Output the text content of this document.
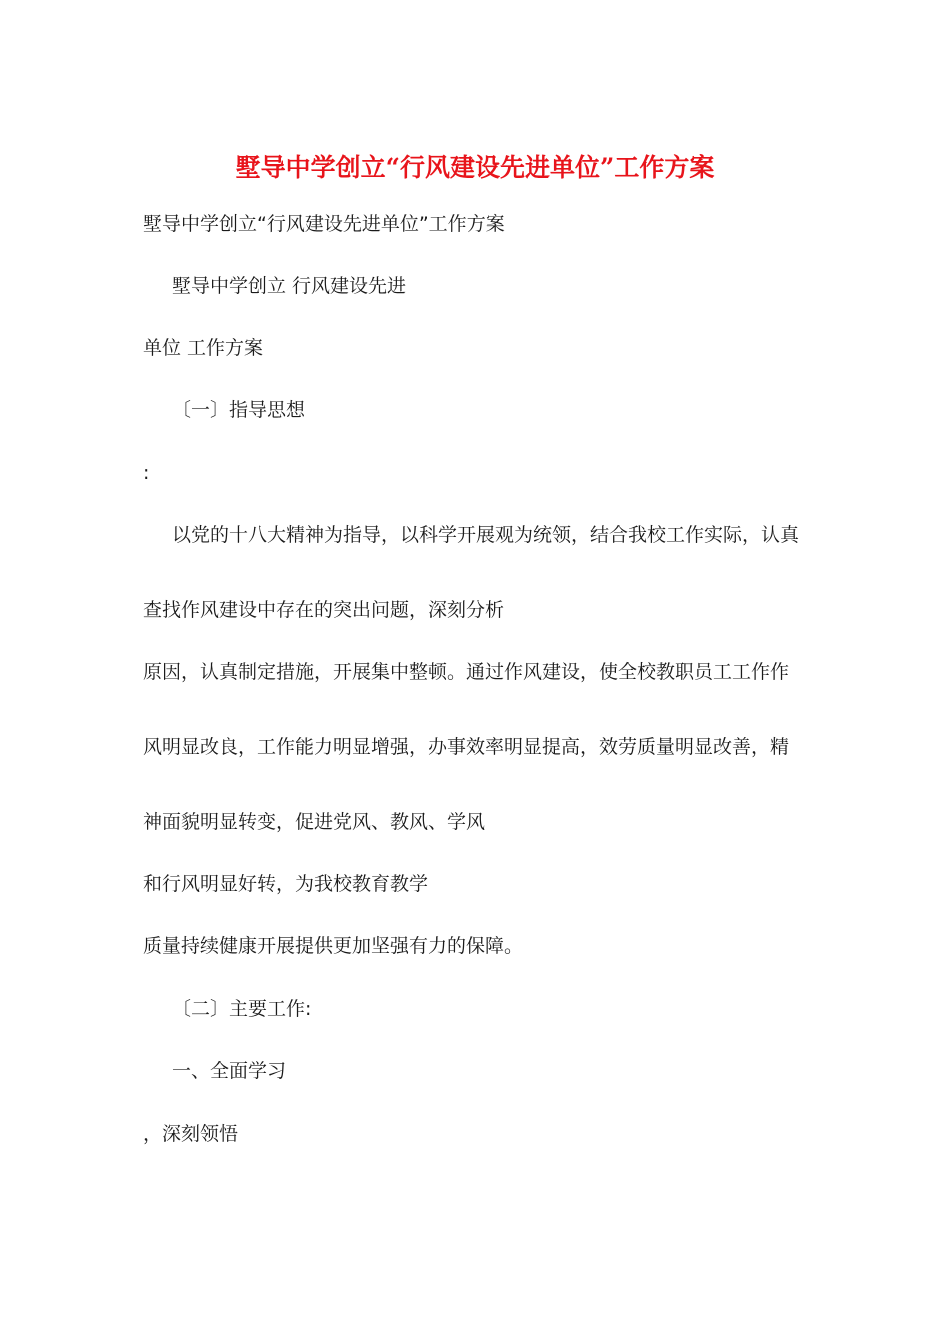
墅导中学创立“行风建设先进单位”工作方案
墅导中学创立“行风建设先进单位”工作方案
墅导中学创立 行风建设先进
单位 工作方案
〔一〕指导思想
:
以党的十八大精神为指导，以科学开展观为统领，结合我校工作实际，认真
查找作风建设中存在的突出问题，深刻分析
原因，认真制定措施，开展集中整顿。通过作风建设，使全校教职员工工作作
风明显改良，工作能力明显增强，办事效率明显提高，效劳质量明显改善，精
神面貌明显转变，促进党风、教风、学风
和行风明显好转，为我校教育教学
质量持续健康开展提供更加坚强有力的保障。
〔二〕主要工作:
一、全面学习
，深刻领悟
